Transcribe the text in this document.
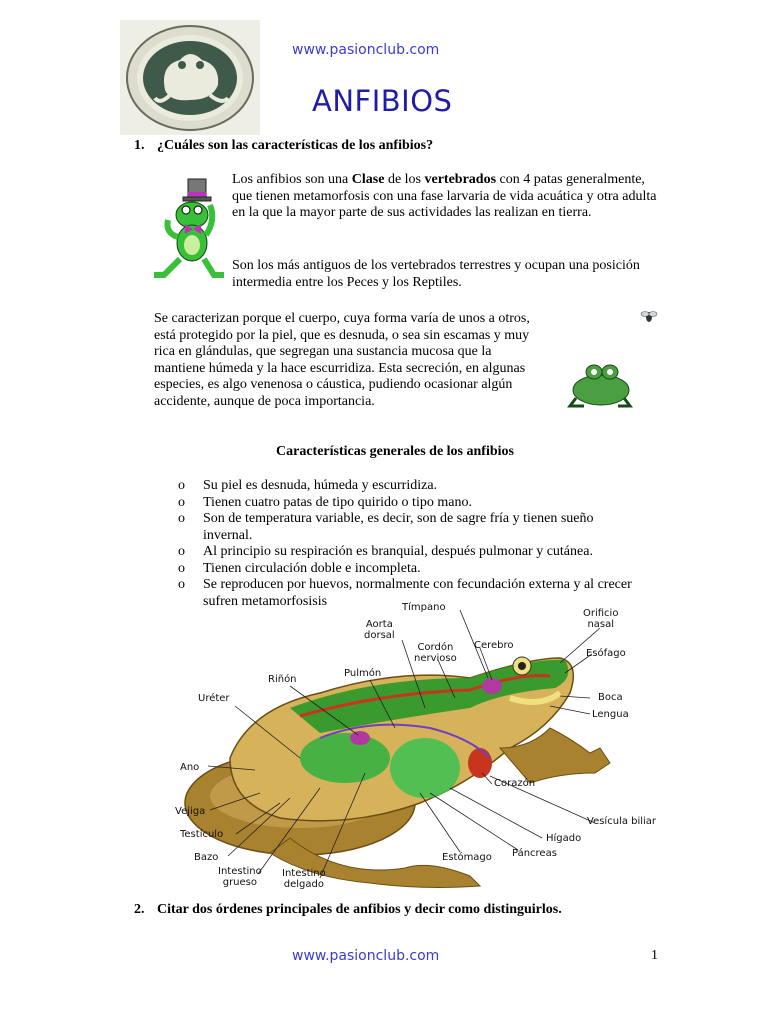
www.pasionclub.com
ANFIBIOS
1. ¿Cuáles son las características de los anfibios?
Los anfibios son una Clase de los vertebrados con 4 patas generalmente, que tienen metamorfosis con una fase larvaria de vida acuática y otra adulta en la que la mayor parte de sus actividades las realizan en tierra.
Son los más antiguos de los vertebrados terrestres y ocupan una posición intermedia entre los Peces y los Reptiles.
Se caracterizan porque el cuerpo, cuya forma varía de unos a otros, está protegido por la piel, que es desnuda, o sea sin escamas y muy rica en glándulas, que segregan una sustancia mucosa que la mantiene húmeda y la hace escurridiza. Esta secreción, en algunas especies, es algo venenosa o cáustica, pudiendo ocasionar algún accidente, aunque de poca importancia.
Características generales de los anfibios
o Su piel es desnuda, húmeda y escurridiza.
o Tienen cuatro patas de tipo quirido o tipo mano.
o Son de temperatura variable, es decir, son de sagre fría y tienen sueño invernal.
o Al principio su respiración es branquial, después pulmonar y cutánea.
o Tienen circulación doble e incompleta.
o Se reproducen por huevos, normalmente con fecundación externa y al crecer sufren metamorfosisis	Tímpano
Orificio
nasal
Aorta
dorsal
Cordón
nervioso
Cerebro
Esófago
Riñón
Pulmón
Uréter	Boca
Lengua
Ano
Corazón
Vejiga
Vesícula biliar
Testículo	Hígado
Bazo	Páncreas
Intestino
grueso
Estómago
Intestino
delgado
2. Citar dos órdenes principales de anfibios y decir como distinguirlos.
www.pasionclub.com	1
